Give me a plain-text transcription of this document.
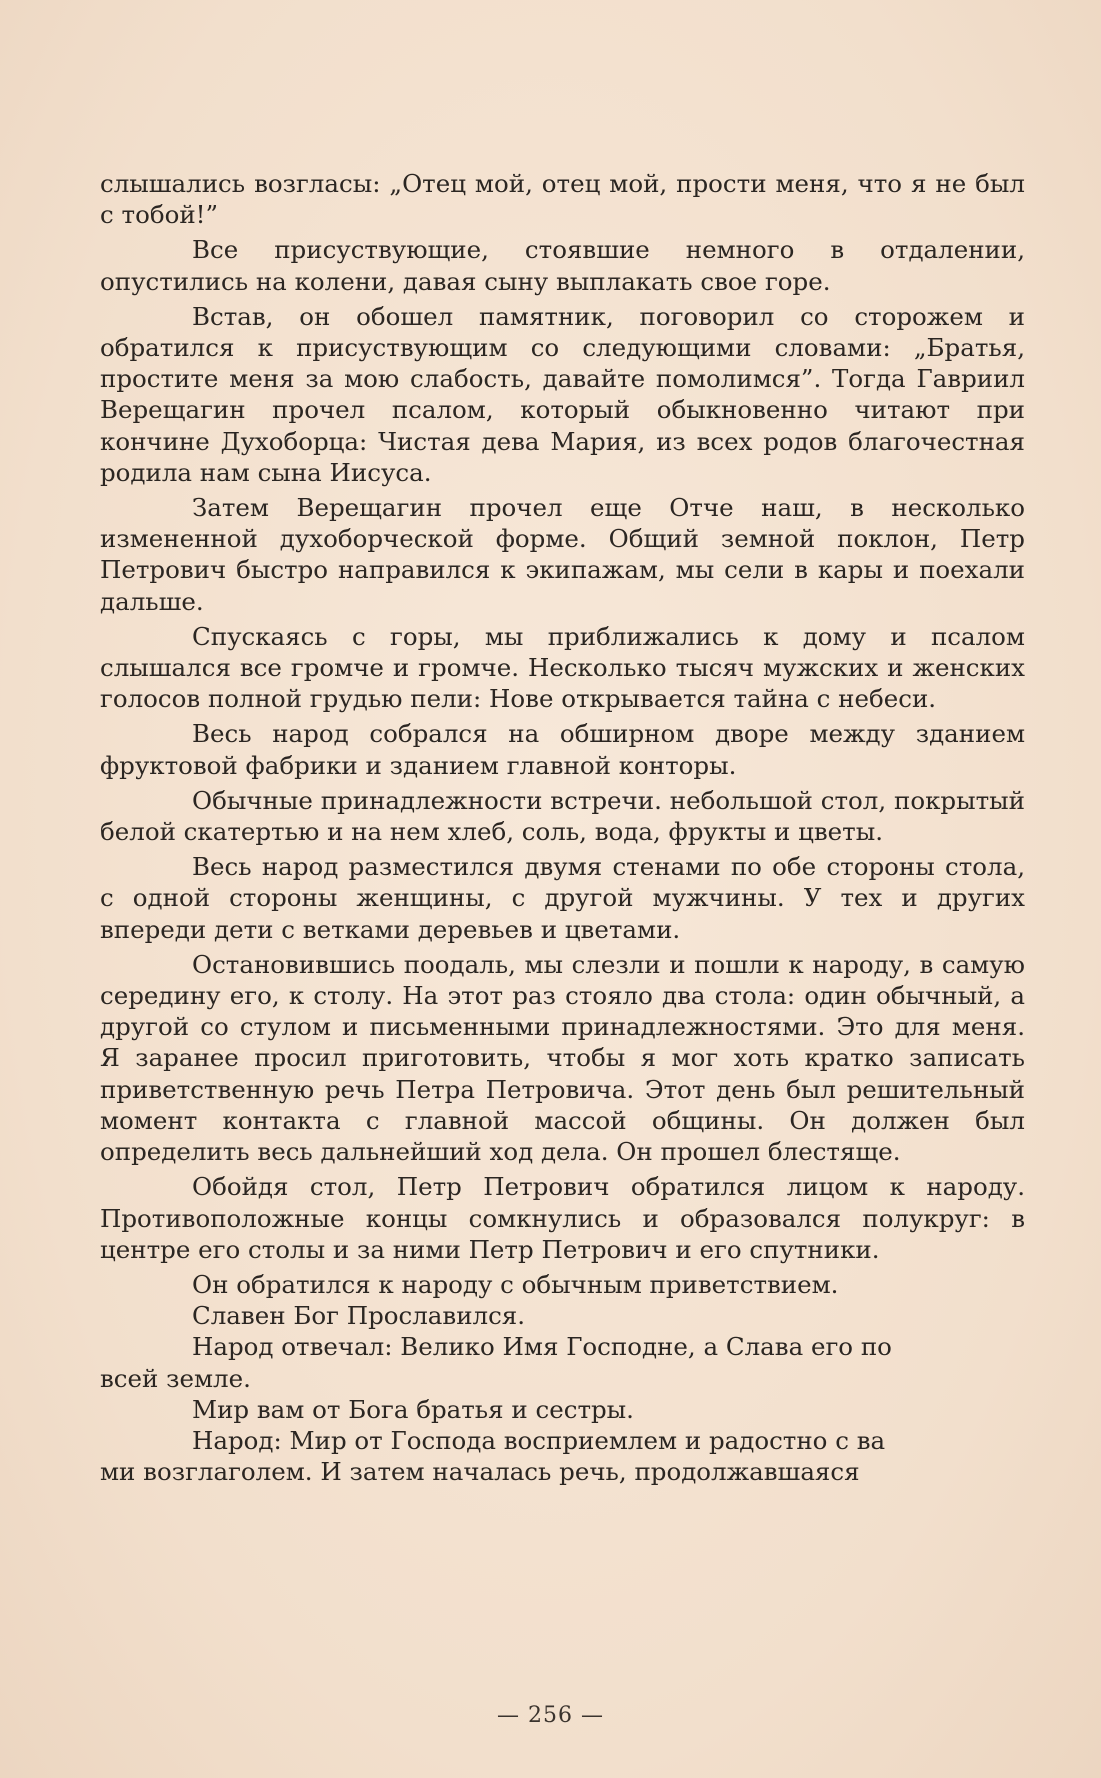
слышались возгласы: „Отец мой, отец мой, прости меня, что я не был с тобой!”

Все присуствующие, стоявшие немного в отдалении, опустились на колени, давая сыну выплакать свое горе.

Встав, он обошел памятник, поговорил со сторожем и обратился к присуствующим со следующими словами: „Братья, простите меня за мою слабость, давайте помолимся”. Тогда Гавриил Верещагин прочел псалом, который обыкновенно читают при кончине Духоборца: Чистая дева Мария, из всех родов благочестная родила нам сына Иисуса.

Затем Верещагин прочел еще Отче наш, в несколько измененной духоборческой форме. Общий земной поклон, Петр Петрович быстро направился к экипажам, мы сели в кары и поехали дальше.

Спускаясь с горы, мы приближались к дому и псалом слышался все громче и громче. Несколько тысяч мужских и женских голосов полной грудью пели: Нове открывается тайна с небеси.

Весь народ собрался на обширном дворе между зданием фруктовой фабрики и зданием главной конторы.

Обычные принадлежности встречи. небольшой стол, покрытый белой скатертью и на нем хлеб, соль, вода, фрукты и цветы.

Весь народ разместился двумя стенами по обе стороны стола, с одной стороны женщины, с другой мужчины. У тех и других впереди дети с ветками деревьев и цветами.

Остановившись поодаль, мы слезли и пошли к народу, в самую середину его, к столу. На этот раз стояло два стола: один обычный, а другой со стулом и письменными принадлежностями. Это для меня. Я заранее просил приготовить, чтобы я мог хоть кратко записать приветственную речь Петра Петровича. Этот день был решительный момент контакта с главной массой общины. Он должен был определить весь дальнейший ход дела. Он прошел блестяще.

Обойдя стол, Петр Петрович обратился лицом к народу. Противоположные концы сомкнулись и образовался полукруг: в центре его столы и за ними Петр Петрович и его спутники.

Он обратился к народу с обычным приветствием.

Славен Бог Прославился.

Народ отвечал: Велико Имя Господне, а Слава его по

всей земле.

Мир вам от Бога братья и сестры.

Народ: Мир от Господа восприемлем и радостно с ва

ми возглаголем. И затем началась речь, продолжавшаяся

— 256 —
